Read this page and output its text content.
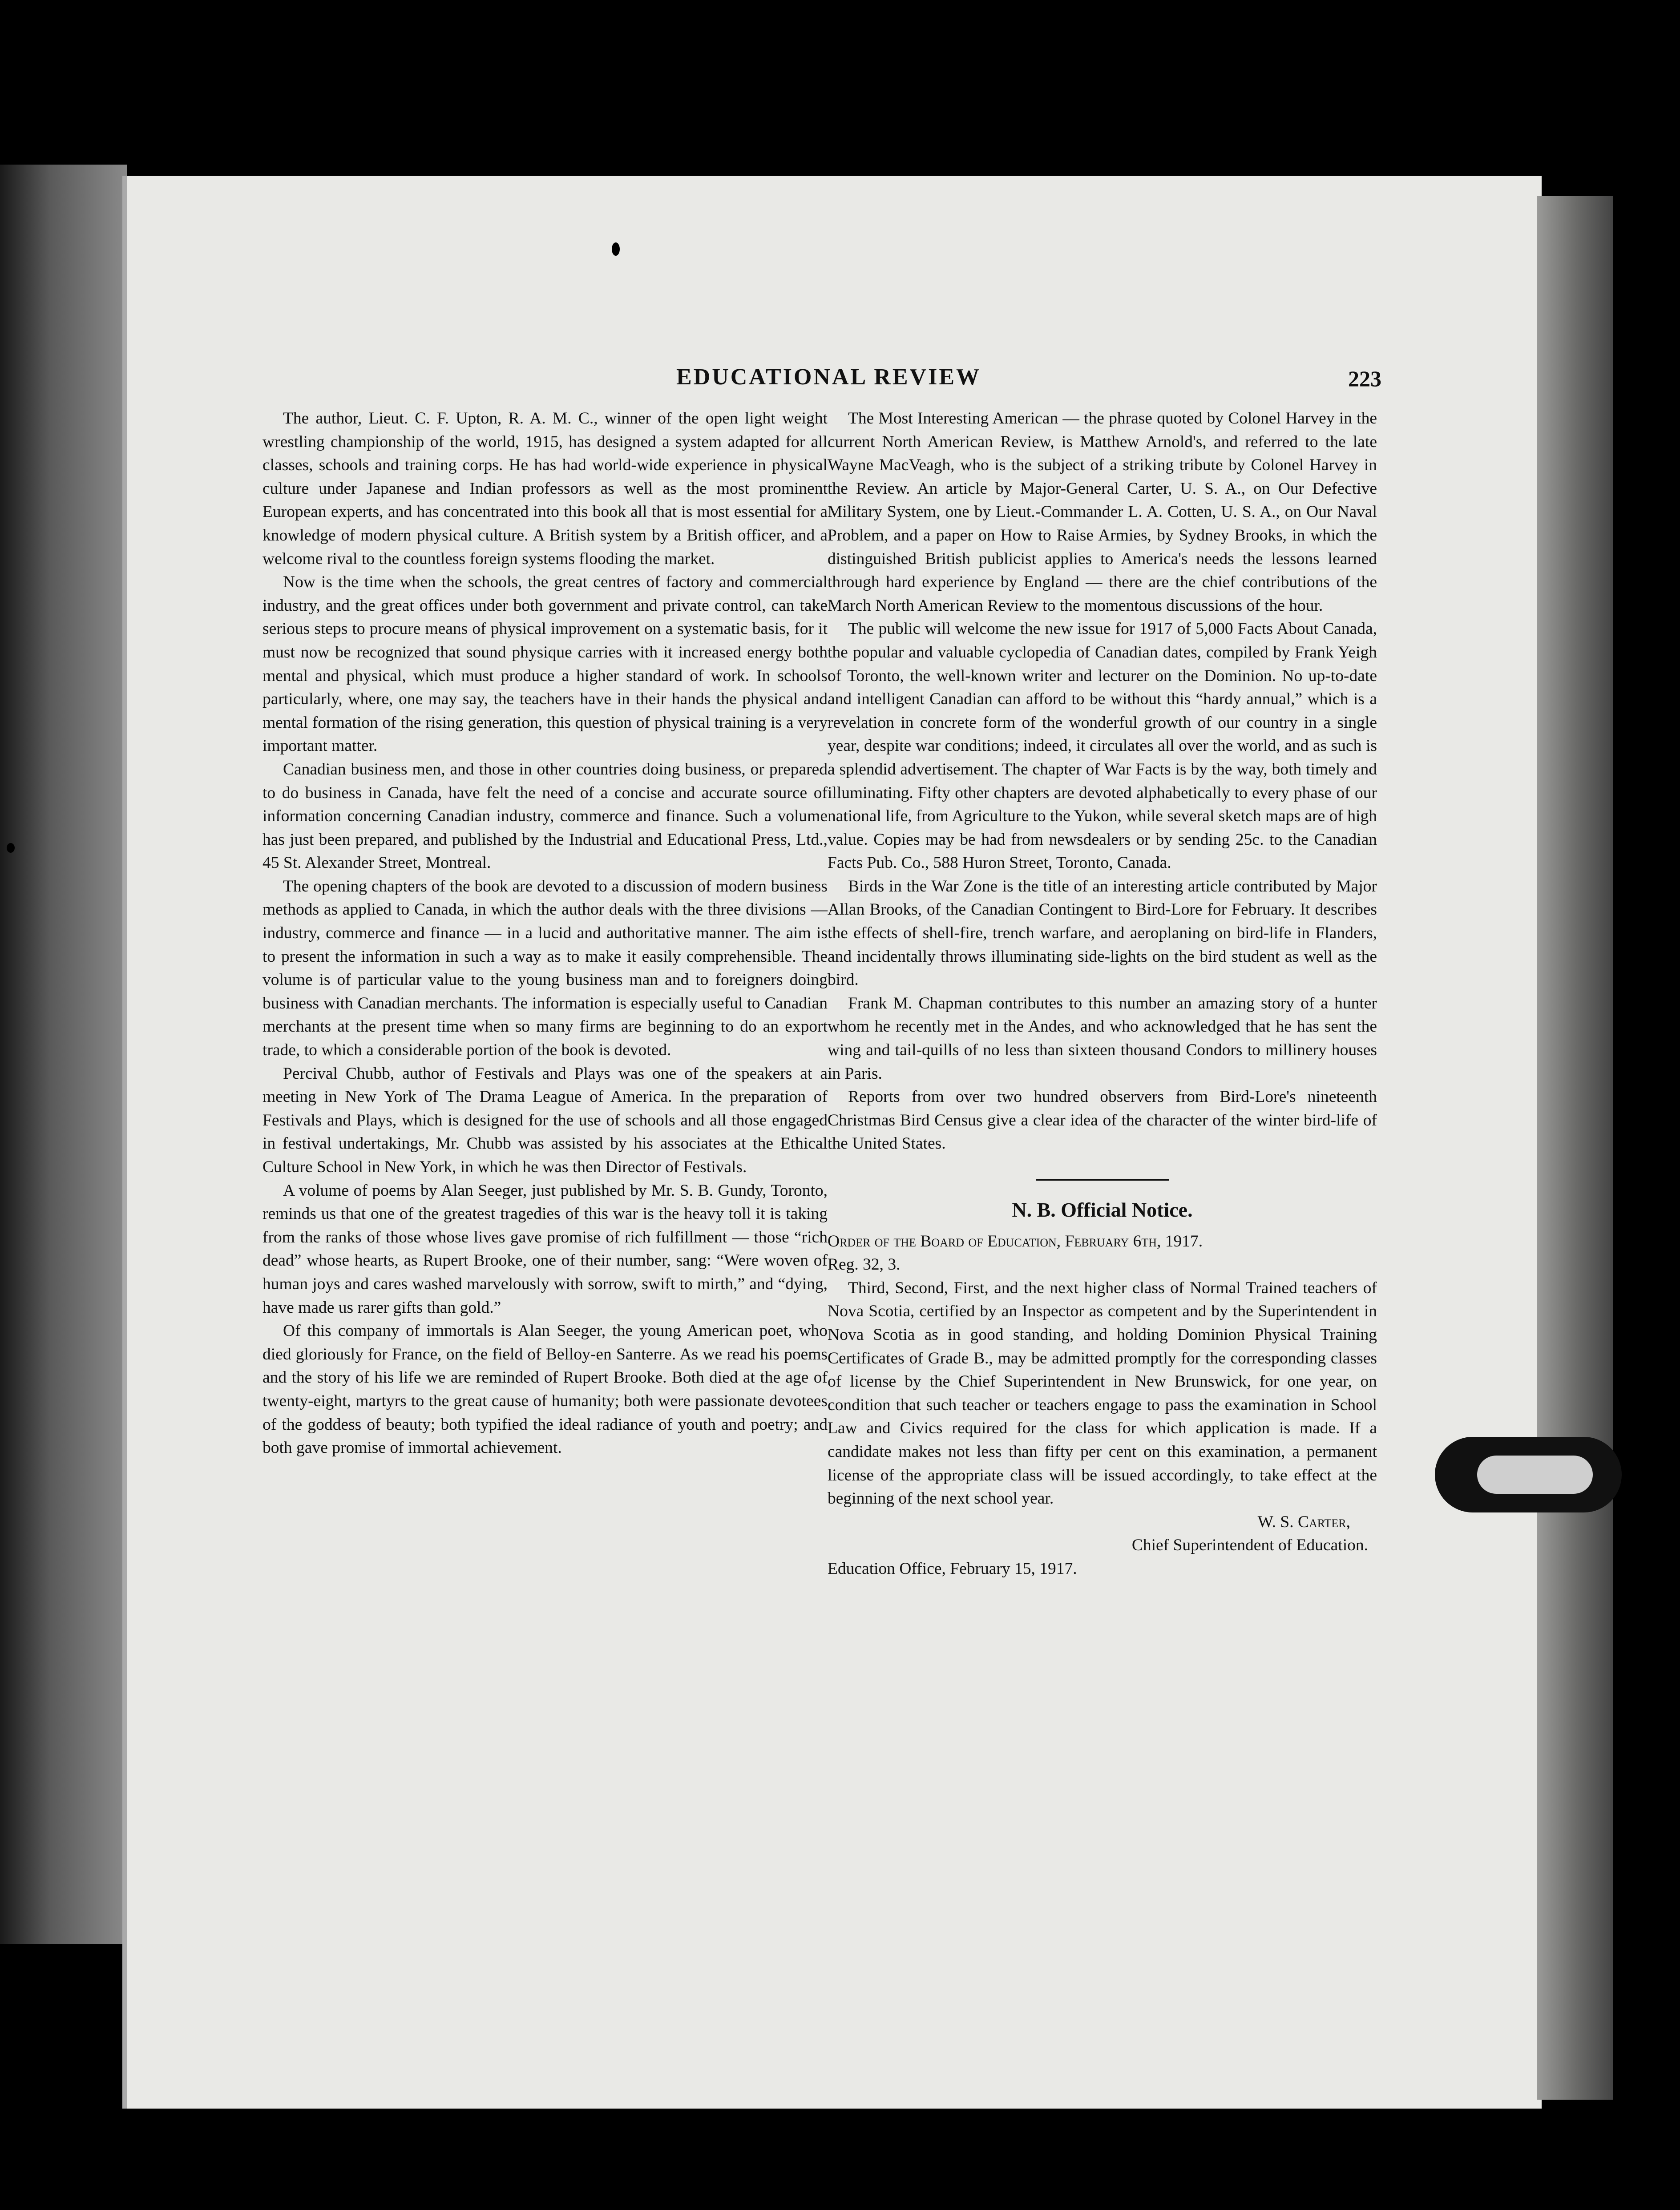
EDUCATIONAL REVIEW	223

The author, Lieut. C. F. Upton, R. A. M. C., winner of the open light weight wrestling championship of the world, 1915, has designed a system adapted for all classes, schools and training corps. He has had world-wide experience in physical culture under Japanese and Indian professors as well as the most prominent European experts, and has concentrated into this book all that is most essential for a knowledge of modern physical culture. A British system by a British officer, and a welcome rival to the countless foreign systems flooding the market.

Now is the time when the schools, the great centres of factory and commercial industry, and the great offices under both government and private control, can take serious steps to procure means of physical improvement on a systematic basis, for it must now be recognized that sound physique carries with it increased energy both mental and physical, which must produce a higher standard of work. In schools particularly, where, one may say, the teachers have in their hands the physical and mental formation of the rising generation, this question of physical training is a very important matter.

Canadian business men, and those in other countries doing business, or prepared to do business in Canada, have felt the need of a concise and accurate source of information concerning Canadian industry, commerce and finance. Such a volume has just been prepared, and published by the Industrial and Educational Press, Ltd., 45 St. Alexander Street, Montreal.

The opening chapters of the book are devoted to a discussion of modern business methods as applied to Canada, in which the author deals with the three divisions — industry, commerce and finance — in a lucid and authoritative manner. The aim is to present the information in such a way as to make it easily comprehensible. The volume is of particular value to the young business man and to foreigners doing business with Canadian merchants. The information is especially useful to Canadian merchants at the present time when so many firms are beginning to do an export trade, to which a considerable portion of the book is devoted.

Percival Chubb, author of Festivals and Plays was one of the speakers at a meeting in New York of The Drama League of America. In the preparation of Festivals and Plays, which is designed for the use of schools and all those engaged in festival undertakings, Mr. Chubb was assisted by his associates at the Ethical Culture School in New York, in which he was then Director of Festivals.

A volume of poems by Alan Seeger, just published by Mr. S. B. Gundy, Toronto, reminds us that one of the greatest tragedies of this war is the heavy toll it is taking from the ranks of those whose lives gave promise of rich fulfillment — those “rich dead” whose hearts, as Rupert Brooke, one of their number, sang: “Were woven of human joys and cares washed marvelously with sorrow, swift to mirth,” and “dying, have made us rarer gifts than gold.”

Of this company of immortals is Alan Seeger, the young American poet, who died gloriously for France, on the field of Belloy-en Santerre. As we read his poems and the story of his life we are reminded of Rupert Brooke. Both died at the age of twenty-eight, martyrs to the great cause of humanity; both were passionate devotees of the goddess of beauty; both typified the ideal radiance of youth and poetry; and both gave promise of immortal achievement.

The Most Interesting American — the phrase quoted by Colonel Harvey in the current North American Review, is Matthew Arnold's, and referred to the late Wayne MacVeagh, who is the subject of a striking tribute by Colonel Harvey in the Review. An article by Major-General Carter, U. S. A., on Our Defective Military System, one by Lieut.-Commander L. A. Cotten, U. S. A., on Our Naval Problem, and a paper on How to Raise Armies, by Sydney Brooks, in which the distinguished British publicist applies to America's needs the lessons learned through hard experience by England — there are the chief contributions of the March North American Review to the momentous discussions of the hour.

The public will welcome the new issue for 1917 of 5,000 Facts About Canada, the popular and valuable cyclopedia of Canadian dates, compiled by Frank Yeigh of Toronto, the well-known writer and lecturer on the Dominion. No up-to-date and intelligent Canadian can afford to be without this “hardy annual,” which is a revelation in concrete form of the wonderful growth of our country in a single year, despite war conditions; indeed, it circulates all over the world, and as such is a splendid advertisement. The chapter of War Facts is by the way, both timely and illuminating. Fifty other chapters are devoted alphabetically to every phase of our national life, from Agriculture to the Yukon, while several sketch maps are of high value. Copies may be had from newsdealers or by sending 25c. to the Canadian Facts Pub. Co., 588 Huron Street, Toronto, Canada.

Birds in the War Zone is the title of an interesting article contributed by Major Allan Brooks, of the Canadian Contingent to Bird-Lore for February. It describes the effects of shell-fire, trench warfare, and aeroplaning on bird-life in Flanders, and incidentally throws illuminating side-lights on the bird student as well as the bird.

Frank M. Chapman contributes to this number an amazing story of a hunter whom he recently met in the Andes, and who acknowledged that he has sent the wing and tail-quills of no less than sixteen thousand Condors to millinery houses in Paris.

Reports from over two hundred observers from Bird-Lore's nineteenth Christmas Bird Census give a clear idea of the character of the winter bird-life of the United States.

N. B. Official Notice.

Order of the Board of Education, February 6th, 1917.

Reg. 32, 3.

Third, Second, First, and the next higher class of Normal Trained teachers of Nova Scotia, certified by an Inspector as competent and by the Superintendent in Nova Scotia as in good standing, and holding Dominion Physical Training Certificates of Grade B., may be admitted promptly for the corresponding classes of license by the Chief Superintendent in New Brunswick, for one year, on condition that such teacher or teachers engage to pass the examination in School Law and Civics required for the class for which application is made. If a candidate makes not less than fifty per cent on this examination, a permanent license of the appropriate class will be issued accordingly, to take effect at the beginning of the next school year.

W. S. Carter,

Chief Superintendent of Education.

Education Office, February 15, 1917.
